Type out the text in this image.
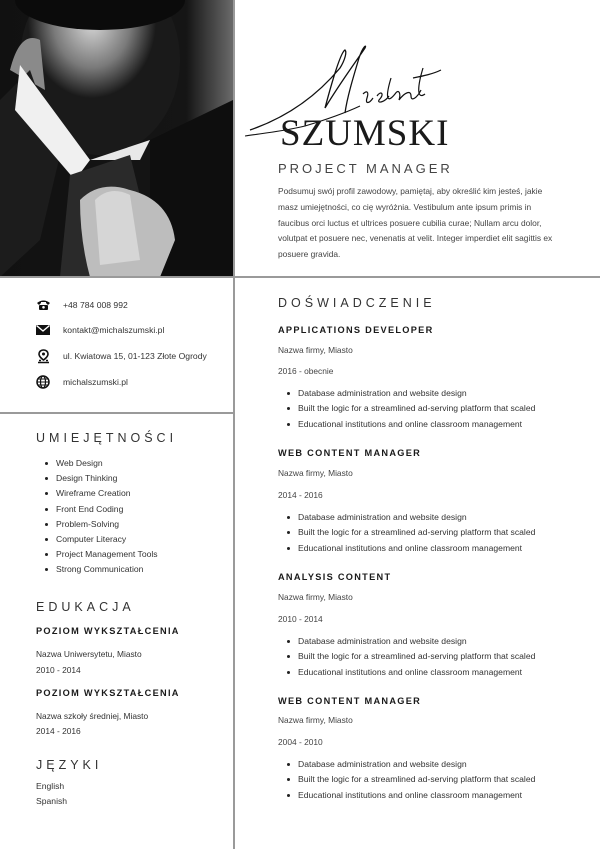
SZUMSKI
PROJECT MANAGER
Podsumuj swój profil zawodowy, pamiętaj, aby określić kim jesteś, jakie masz umiejętności, co cię wyróżnia. Vestibulum ante ipsum primis in faucibus orci luctus et ultrices posuere cubilia curae; Nullam arcu dolor, volutpat et posuere nec, venenatis at velit. Integer imperdiet elit sagittis ex posuere gravida.
+48 784 008 992
kontakt@michalszumski.pl
ul. Kwiatowa 15, 01-123 Złote Ogrody
michalszumski.pl
UMIEJĘTNOŚCI
Web Design
Design Thinking
Wireframe Creation
Front End Coding
Problem-Solving
Computer Literacy
Project Management Tools
Strong Communication
EDUKACJA
POZIOM WYKSZTAŁCENIA
Nazwa Uniwersytetu, Miasto
2010 - 2014
POZIOM WYKSZTAŁCENIA
Nazwa szkoły średniej, Miasto
2014 - 2016
JĘZYKI
English
Spanish
DOŚWIADCZENIE
APPLICATIONS DEVELOPER
Nazwa firmy, Miasto
2016 - obecnie
Database administration and website design
Built the logic for a streamlined ad-serving platform that scaled
Educational institutions and online classroom management
WEB CONTENT MANAGER
Nazwa firmy, Miasto
2014 - 2016
Database administration and website design
Built the logic for a streamlined ad-serving platform that scaled
Educational institutions and online classroom management
ANALYSIS CONTENT
Nazwa firmy, Miasto
2010 - 2014
Database administration and website design
Built the logic for a streamlined ad-serving platform that scaled
Educational institutions and online classroom management
WEB CONTENT MANAGER
Nazwa firmy, Miasto
2004 - 2010
Database administration and website design
Built the logic for a streamlined ad-serving platform that scaled
Educational institutions and online classroom management
